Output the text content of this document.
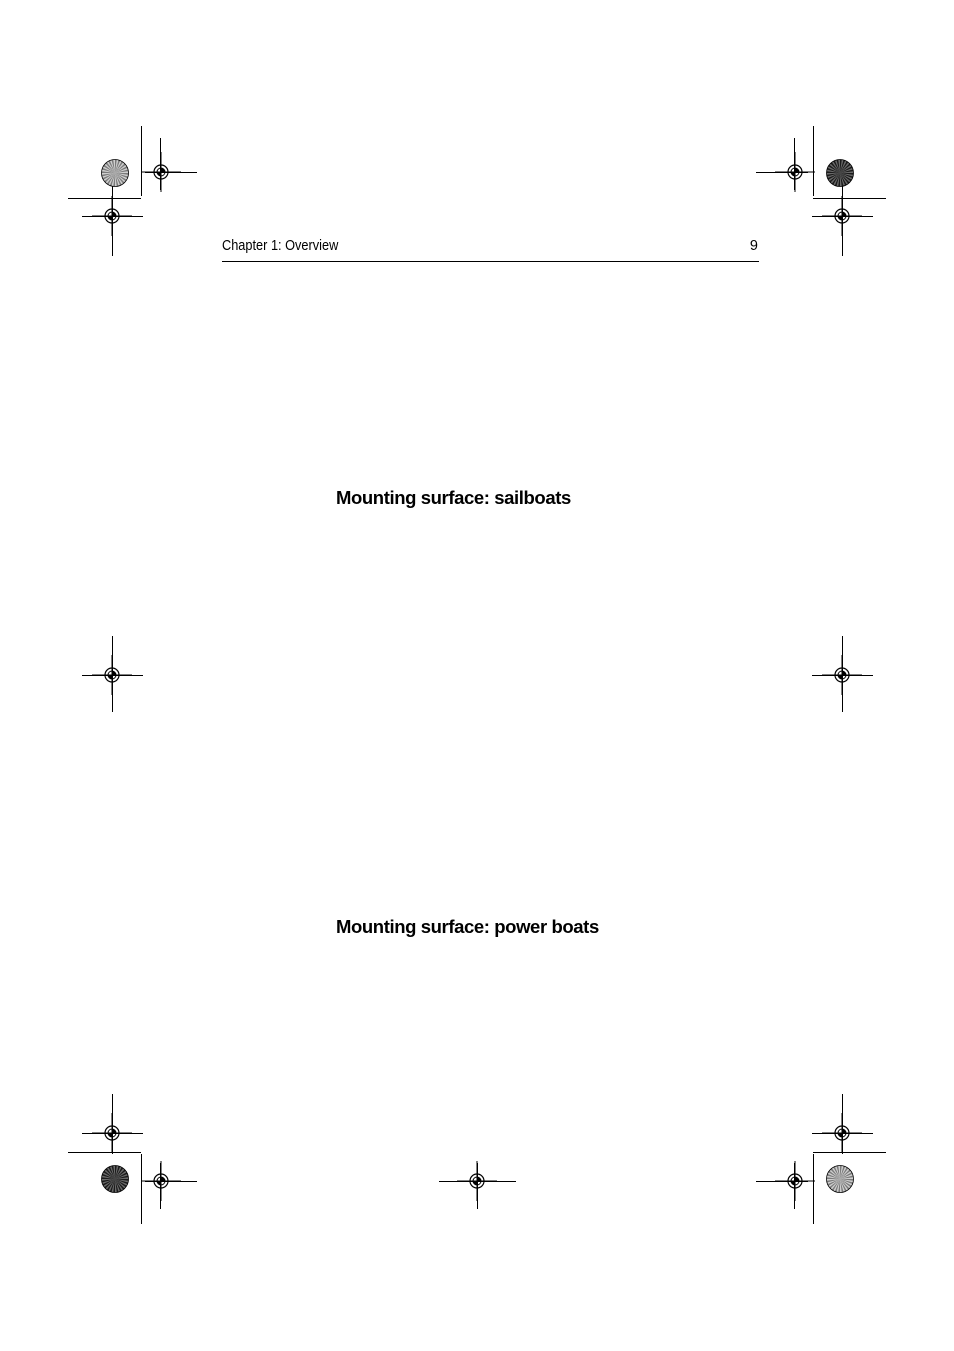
Chapter 1: Overview	9
Mounting surface: sailboats
Mounting surface: power boats
